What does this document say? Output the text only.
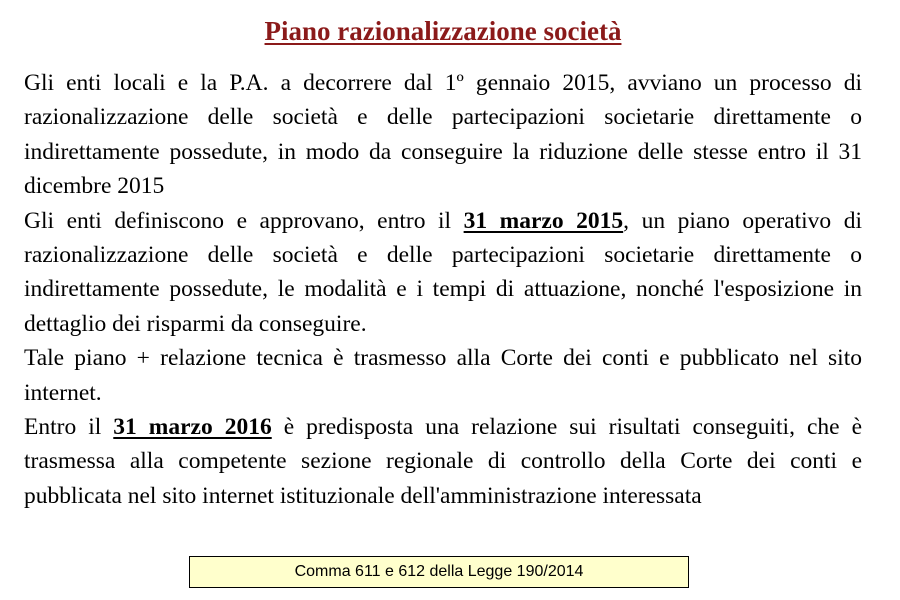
Piano razionalizzazione società

Gli enti locali e la P.A. a decorrere dal 1º gennaio 2015, avviano un processo di razionalizzazione delle società e delle partecipazioni societarie direttamente o indirettamente possedute, in modo da conseguire la riduzione delle stesse entro il 31 dicembre 2015

Gli enti definiscono e approvano, entro il 31 marzo 2015, un piano operativo di razionalizzazione delle società e delle partecipazioni societarie direttamente o indirettamente possedute, le modalità e i tempi di attuazione, nonché l'esposizione in dettaglio dei risparmi da conseguire.

Tale piano + relazione tecnica è trasmesso alla Corte dei conti e pubblicato nel sito internet.

Entro il 31 marzo 2016 è predisposta una relazione sui risultati conseguiti, che è trasmessa alla competente sezione regionale di controllo della Corte dei conti e pubblicata nel sito internet istituzionale dell'amministrazione interessata

Comma 611 e 612 della Legge 190/2014
